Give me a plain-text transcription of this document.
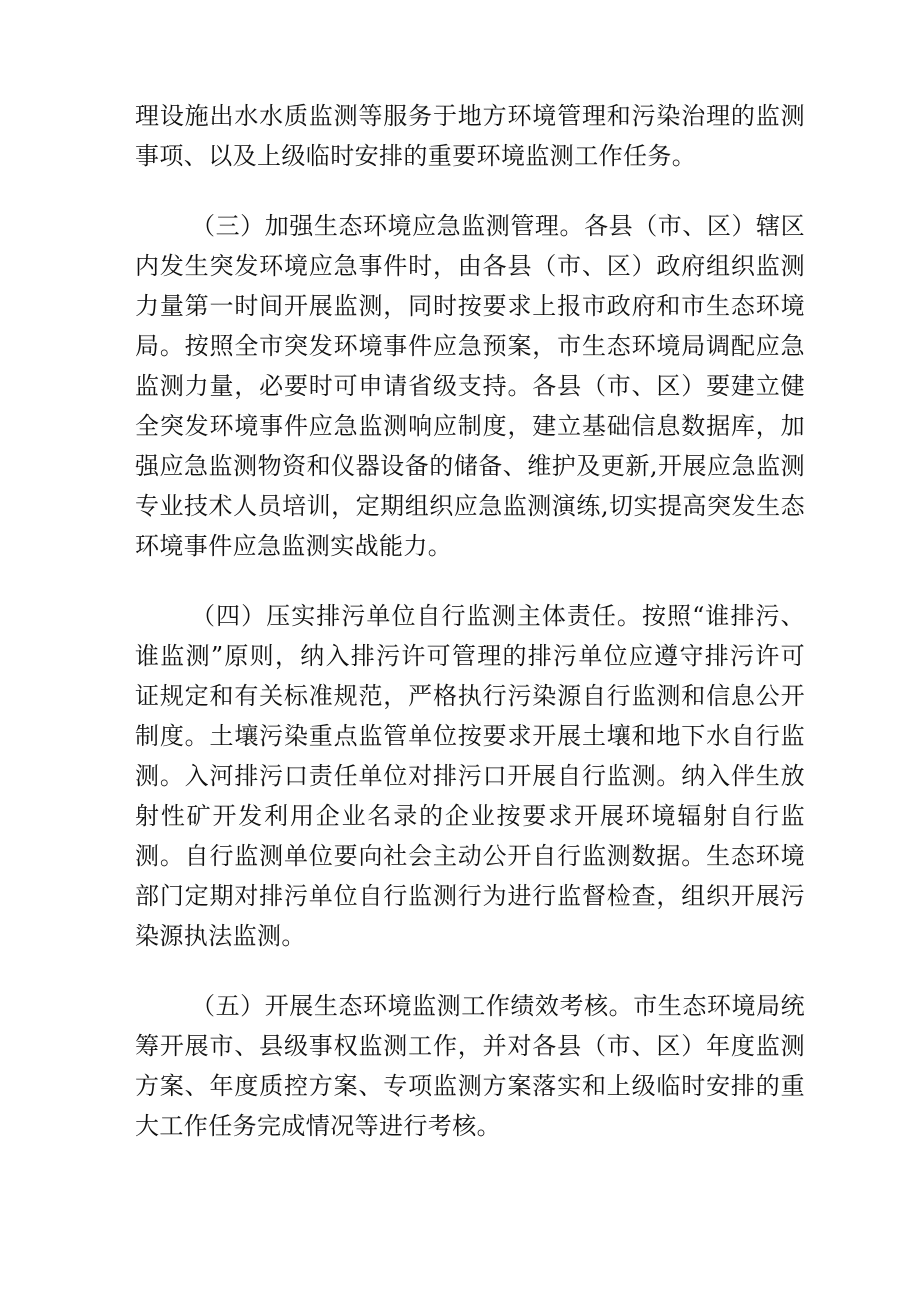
理设施出水水质监测等服务于地方环境管理和污染治理的监测事项、以及上级临时安排的重要环境监测工作任务。

（三）加强生态环境应急监测管理。各县（市、区）辖区内发生突发环境应急事件时，由各县（市、区）政府组织监测力量第一时间开展监测，同时按要求上报市政府和市生态环境局。按照全市突发环境事件应急预案，市生态环境局调配应急监测力量，必要时可申请省级支持。各县（市、区）要建立健全突发环境事件应急监测响应制度，建立基础信息数据库，加强应急监测物资和仪器设备的储备、维护及更新,开展应急监测专业技术人员培训，定期组织应急监测演练,切实提高突发生态环境事件应急监测实战能力。

（四）压实排污单位自行监测主体责任。按照“谁排污、谁监测”原则，纳入排污许可管理的排污单位应遵守排污许可证规定和有关标准规范，严格执行污染源自行监测和信息公开制度。土壤污染重点监管单位按要求开展土壤和地下水自行监测。入河排污口责任单位对排污口开展自行监测。纳入伴生放射性矿开发利用企业名录的企业按要求开展环境辐射自行监测。自行监测单位要向社会主动公开自行监测数据。生态环境部门定期对排污单位自行监测行为进行监督检查，组织开展污染源执法监测。

（五）开展生态环境监测工作绩效考核。市生态环境局统筹开展市、县级事权监测工作，并对各县（市、区）年度监测方案、年度质控方案、专项监测方案落实和上级临时安排的重大工作任务完成情况等进行考核。
